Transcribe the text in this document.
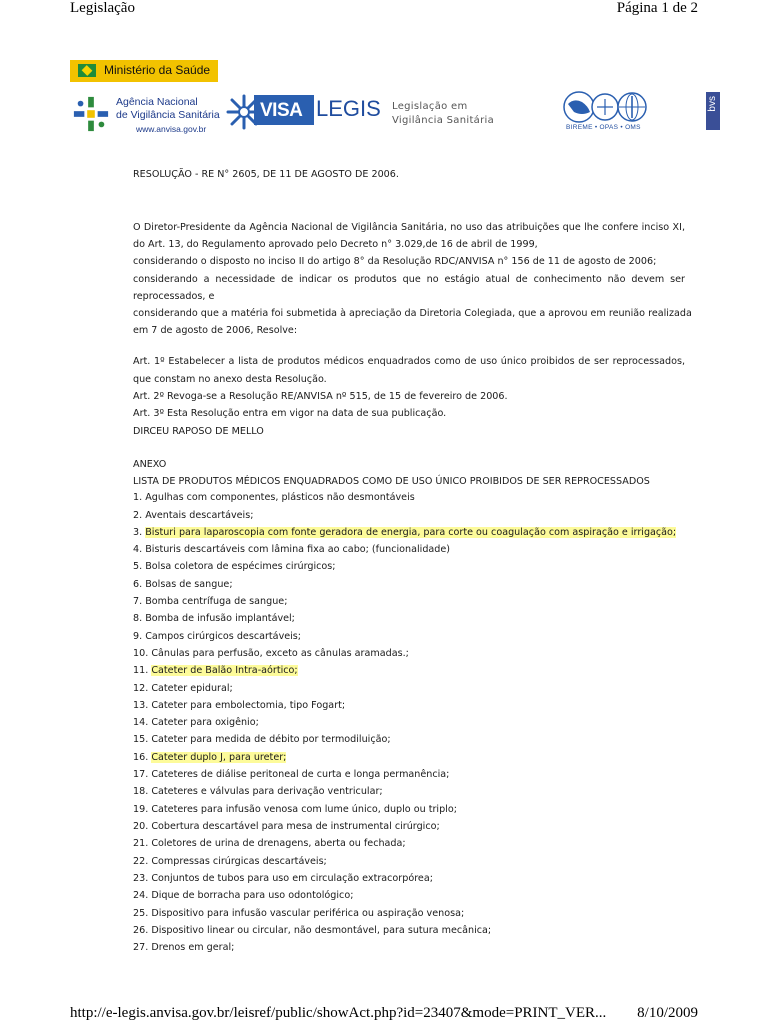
Legislação	Página 1 de 2
Ministério da Saúde
Agência Nacional
de Vigilância Sanitária
www.anvisa.gov.br
VISA LEGIS Legislação em
Vigilância Sanitária
BIREME • OPAS • OMS
bvs
RESOLUÇÃO - RE N° 2605, DE 11 DE AGOSTO DE 2006.
O Diretor-Presidente da Agência Nacional de Vigilância Sanitária, no uso das atribuições que lhe confere inciso XI,
do Art. 13, do Regulamento aprovado pelo Decreto n° 3.029,de 16 de abril de 1999,
considerando o disposto no inciso II do artigo 8° da Resolução RDC/ANVISA n° 156 de 11 de agosto de 2006;
considerando a necessidade de indicar os produtos que no estágio atual de conhecimento não devem ser
reprocessados, e
considerando que a matéria foi submetida à apreciação da Diretoria Colegiada, que a aprovou em reunião realizada
em 7 de agosto de 2006, Resolve:
Art. 1º Estabelecer a lista de produtos médicos enquadrados como de uso único proibidos de ser reprocessados,
que constam no anexo desta Resolução.
Art. 2º Revoga-se a Resolução RE/ANVISA nº 515, de 15 de fevereiro de 2006.
Art. 3º Esta Resolução entra em vigor na data de sua publicação.
DIRCEU RAPOSO DE MELLO
ANEXO
LISTA DE PRODUTOS MÉDICOS ENQUADRADOS COMO DE USO ÚNICO PROIBIDOS DE SER REPROCESSADOS
1. Agulhas com componentes, plásticos não desmontáveis
2. Aventais descartáveis;
3. Bisturi para laparoscopia com fonte geradora de energia, para corte ou coagulação com aspiração e irrigação;
4. Bisturis descartáveis com lâmina fixa ao cabo; (funcionalidade)
5. Bolsa coletora de espécimes cirúrgicos;
6. Bolsas de sangue;
7. Bomba centrífuga de sangue;
8. Bomba de infusão implantável;
9. Campos cirúrgicos descartáveis;
10. Cânulas para perfusão, exceto as cânulas aramadas.;
11. Cateter de Balão Intra-aórtico;
12. Cateter epidural;
13. Cateter para embolectomia, tipo Fogart;
14. Cateter para oxigênio;
15. Cateter para medida de débito por termodiluição;
16. Cateter duplo J, para ureter;
17. Cateteres de diálise peritoneal de curta e longa permanência;
18. Cateteres e válvulas para derivação ventricular;
19. Cateteres para infusão venosa com lume único, duplo ou triplo;
20. Cobertura descartável para mesa de instrumental cirúrgico;
21. Coletores de urina de drenagens, aberta ou fechada;
22. Compressas cirúrgicas descartáveis;
23. Conjuntos de tubos para uso em circulação extracorpórea;
24. Dique de borracha para uso odontológico;
25. Dispositivo para infusão vascular periférica ou aspiração venosa;
26. Dispositivo linear ou circular, não desmontável, para sutura mecânica;
27. Drenos em geral;
http://e-legis.anvisa.gov.br/leisref/public/showAct.php?id=23407&mode=PRINT_VER... 8/10/2009
